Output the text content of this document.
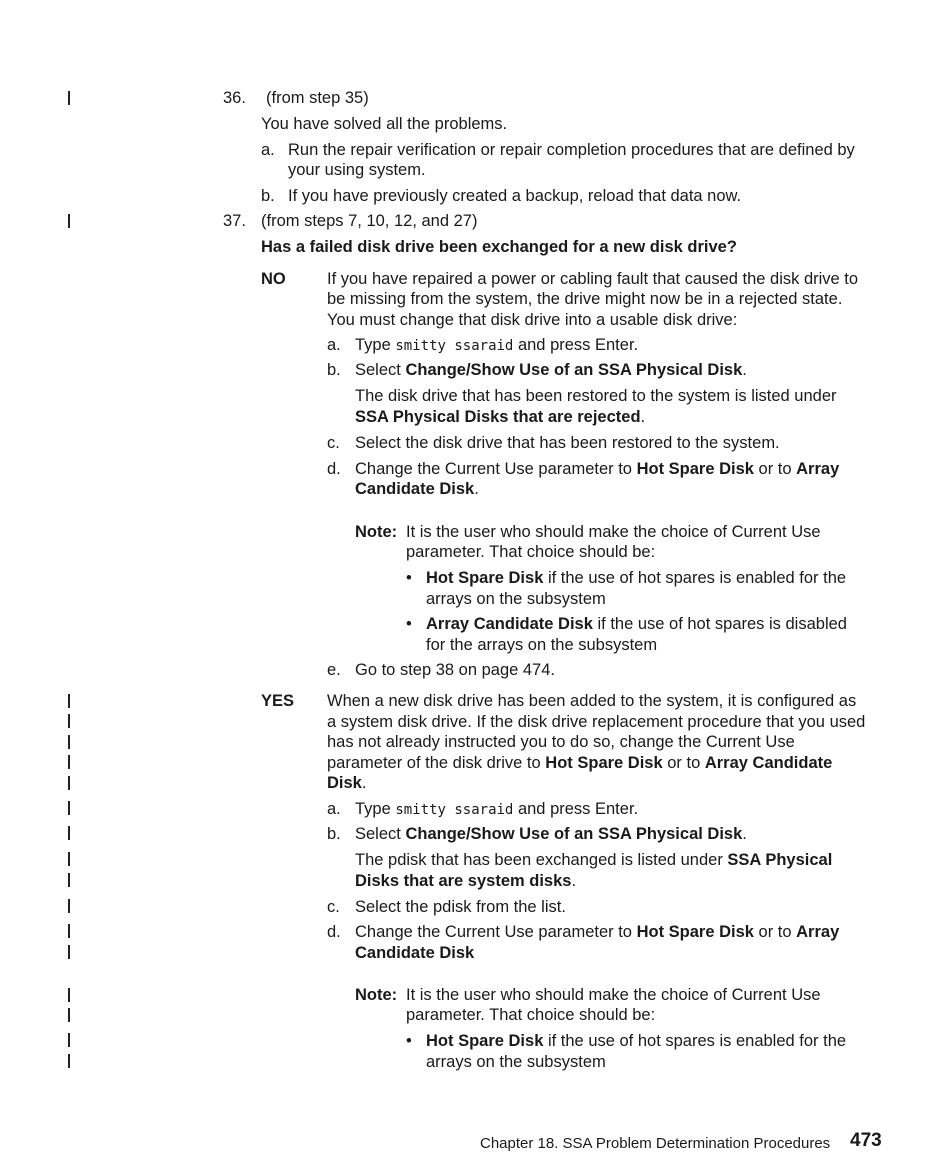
36. (from step 35)
You have solved all the problems.
a. Run the repair verification or repair completion procedures that are defined by
your using system.
b. If you have previously created a backup, reload that data now.
37. (from steps 7, 10, 12, and 27)
Has a failed disk drive been exchanged for a new disk drive?
NO	If you have repaired a power or cabling fault that caused the disk drive to
be missing from the system, the drive might now be in a rejected state.
You must change that disk drive into a usable disk drive:
a. Type smitty ssaraid and press Enter.
b. Select Change/Show Use of an SSA Physical Disk.
The disk drive that has been restored to the system is listed under
SSA Physical Disks that are rejected.
c. Select the disk drive that has been restored to the system.
d. Change the Current Use parameter to Hot Spare Disk or to Array
Candidate Disk.
Note: It is the user who should make the choice of Current Use
parameter. That choice should be:
• Hot Spare Disk if the use of hot spares is enabled for the
arrays on the subsystem
• Array Candidate Disk if the use of hot spares is disabled
for the arrays on the subsystem
e. Go to step 38 on page 474.
YES When a new disk drive has been added to the system, it is configured as
a system disk drive. If the disk drive replacement procedure that you used
has not already instructed you to do so, change the Current Use
parameter of the disk drive to Hot Spare Disk or to Array Candidate
Disk.
a. Type smitty ssaraid and press Enter.
b. Select Change/Show Use of an SSA Physical Disk.
The pdisk that has been exchanged is listed under SSA Physical
Disks that are system disks.
c. Select the pdisk from the list.
d. Change the Current Use parameter to Hot Spare Disk or to Array
Candidate Disk
Note: It is the user who should make the choice of Current Use
parameter. That choice should be:
• Hot Spare Disk if the use of hot spares is enabled for the
arrays on the subsystem
Chapter 18. SSA Problem Determination Procedures 473
